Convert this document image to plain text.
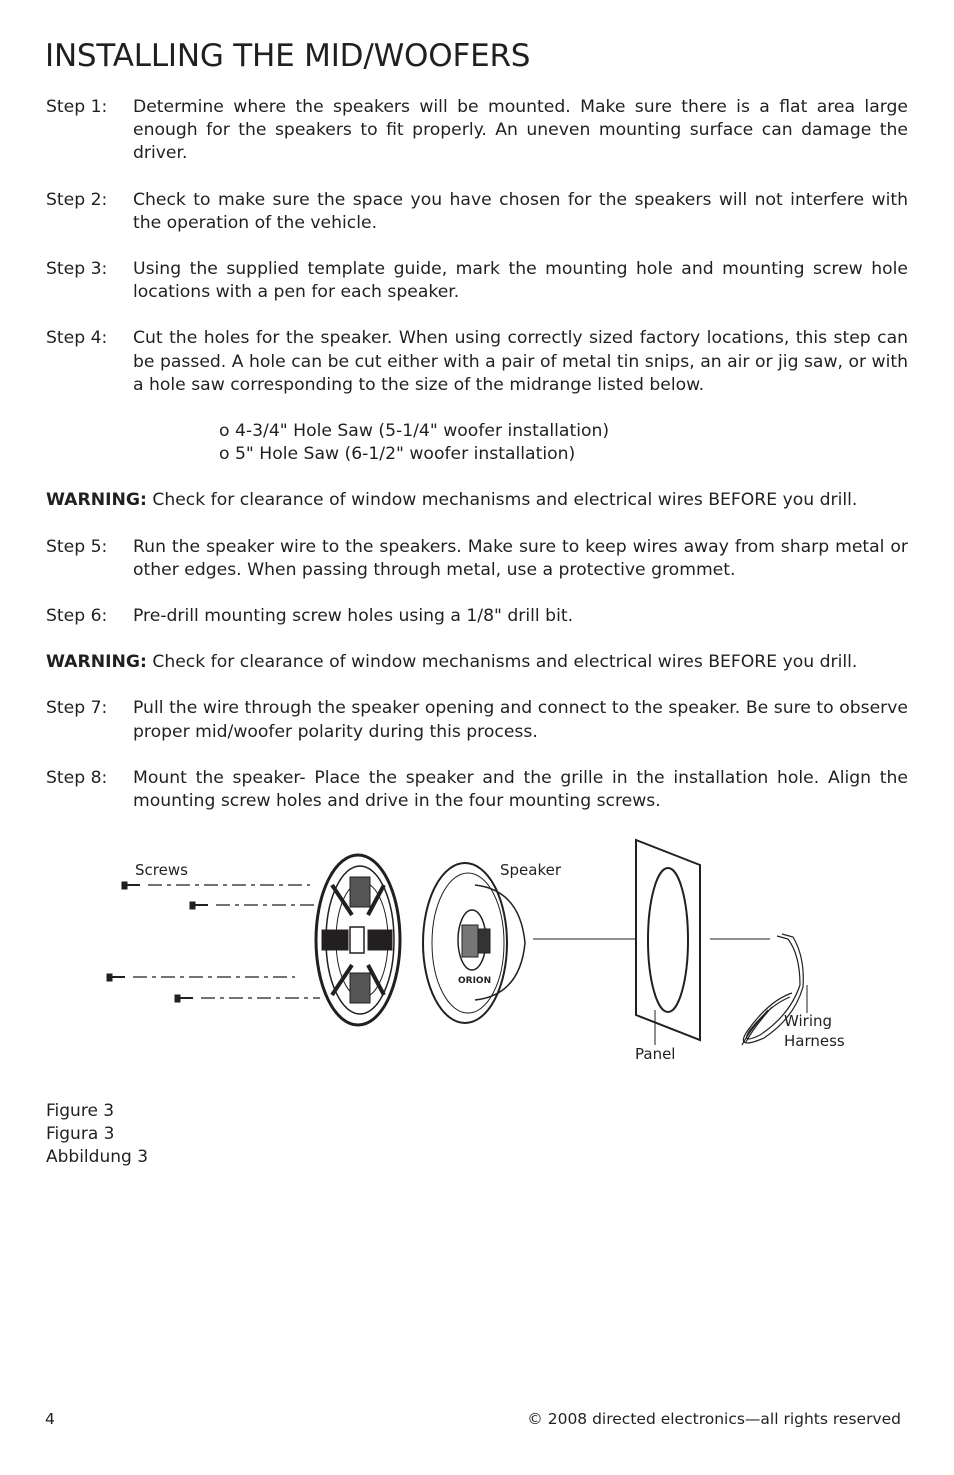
INSTALLING THE MID/WOOFERS
Step 1:	Determine where the speakers will be mounted. Make sure there is a flat area large enough for the speakers to fit properly. An uneven mounting surface can damage the driver.
Step 2:	Check to make sure the space you have chosen for the speakers will not interfere with the operation of the vehicle.
Step 3:	Using the supplied template guide, mark the mounting hole and mounting screw hole locations with a pen for each speaker.
Step 4:	Cut the holes for the speaker. When using correctly sized factory locations, this step can be passed. A hole can be cut either with a pair of metal tin snips, an air or jig saw, or with a hole saw corresponding to the size of the midrange listed below.
o 4-3/4" Hole Saw (5-1/4" woofer installation)
o 5" Hole Saw (6-1/2" woofer installation)
WARNING: Check for clearance of window mechanisms and electrical wires BEFORE you drill.
Step 5:	Run the speaker wire to the speakers. Make sure to keep wires away from sharp metal or other edges. When passing through metal, use a protective grommet.
Step 6:	Pre-drill mounting screw holes using a 1/8" drill bit.
WARNING: Check for clearance of window mechanisms and electrical wires BEFORE you drill.
Step 7:	Pull the wire through the speaker opening and connect to the speaker. Be sure to observe proper mid/woofer polarity during this process.
Step 8:	Mount the speaker- Place the speaker and the grille in the installation hole. Align the mounting screw holes and drive in the four mounting screws.
ORION
Screws	Speaker
Panel
Wiring
Harness
Figure 3
Figura 3
Abbildung 3
4	© 2008 directed electronics—all rights reserved
